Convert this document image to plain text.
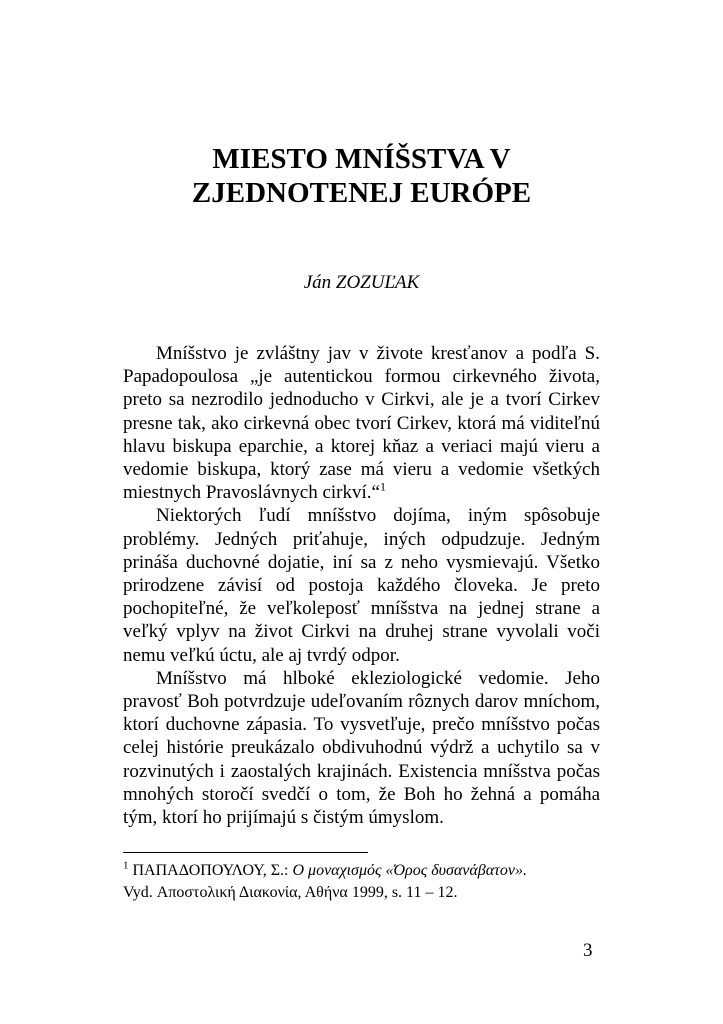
MIESTO MNÍŠSTVA V
ZJEDNOTENEJ EURÓPE
Ján ZOZUĽAK

Mníšstvo je zvláštny jav v živote kresťanov a podľa S. Papadopoulosa „je autentickou formou cirkevného života, preto sa nezrodilo jednoducho v Cirkvi, ale je a tvorí Cirkev presne tak, ako cirkevná obec tvorí Cirkev, ktorá má viditeľnú hlavu biskupa eparchie, a ktorej kňaz a veriaci majú vieru a vedomie biskupa, ktorý zase má vieru a vedomie všetkých miestnych Pravoslávnych cirkví.“$^1$

Niektorých ľudí mníšstvo dojíma, iným spôsobuje problémy. Jedných priťahuje, iných odpudzuje. Jedným prináša duchovné dojatie, iní sa z neho vysmievajú. Všetko prirodzene závisí od postoja každého človeka. Je preto pochopiteľné, že veľkoleposť mníšstva na jednej strane a veľký vplyv na život Cirkvi na druhej strane vyvolali voči nemu veľkú úctu, ale aj tvrdý odpor.

Mníšstvo má hlboké ekleziologické vedomie. Jeho pravosť Boh potvrdzuje udeľovaním rôznych darov mníchom, ktorí duchovne zápasia. To vysvetľuje, prečo mníšstvo počas celej histórie preukázalo obdivuhodnú výdrž a uchytilo sa v rozvinutých i zaostalých krajinách. Existencia mníšstva počas mnohých storočí svedčí o tom, že Boh ho žehná a pomáha tým, ktorí ho prijímajú s čistým úmyslom.

$^1$ ΠΑΠΑΔΟΠΟΥΛΟΥ, Σ.: Ο μοναχισμός «Όρος δυσανάβατον».
Vyd. Αποστολική Διακονία, Αθήνα 1999, s. 11 – 12.
3
